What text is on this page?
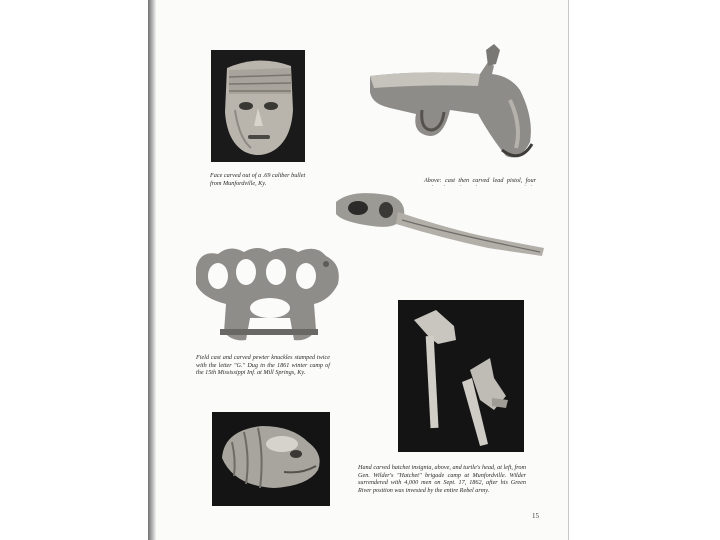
Face carved out of a .69 caliber bullet from Munfordville, Ky.	Above: cast then carved lead pistol, four

Field cast and carved pewter knuckles stamped twice with the letter "G." Dug in the 1861 winter camp of the 15th Mississippi Inf. at Mill Springs, Ky.

Hand carved hatchet insignia, above, and turtle's head, at left, from Gen. Wilder's "Hatchet" brigade camp at Munfordville. Wilder surrendered with 4,000 men on Sept. 17, 1862, after his Green River position was invested by the entire Rebel army.

15
